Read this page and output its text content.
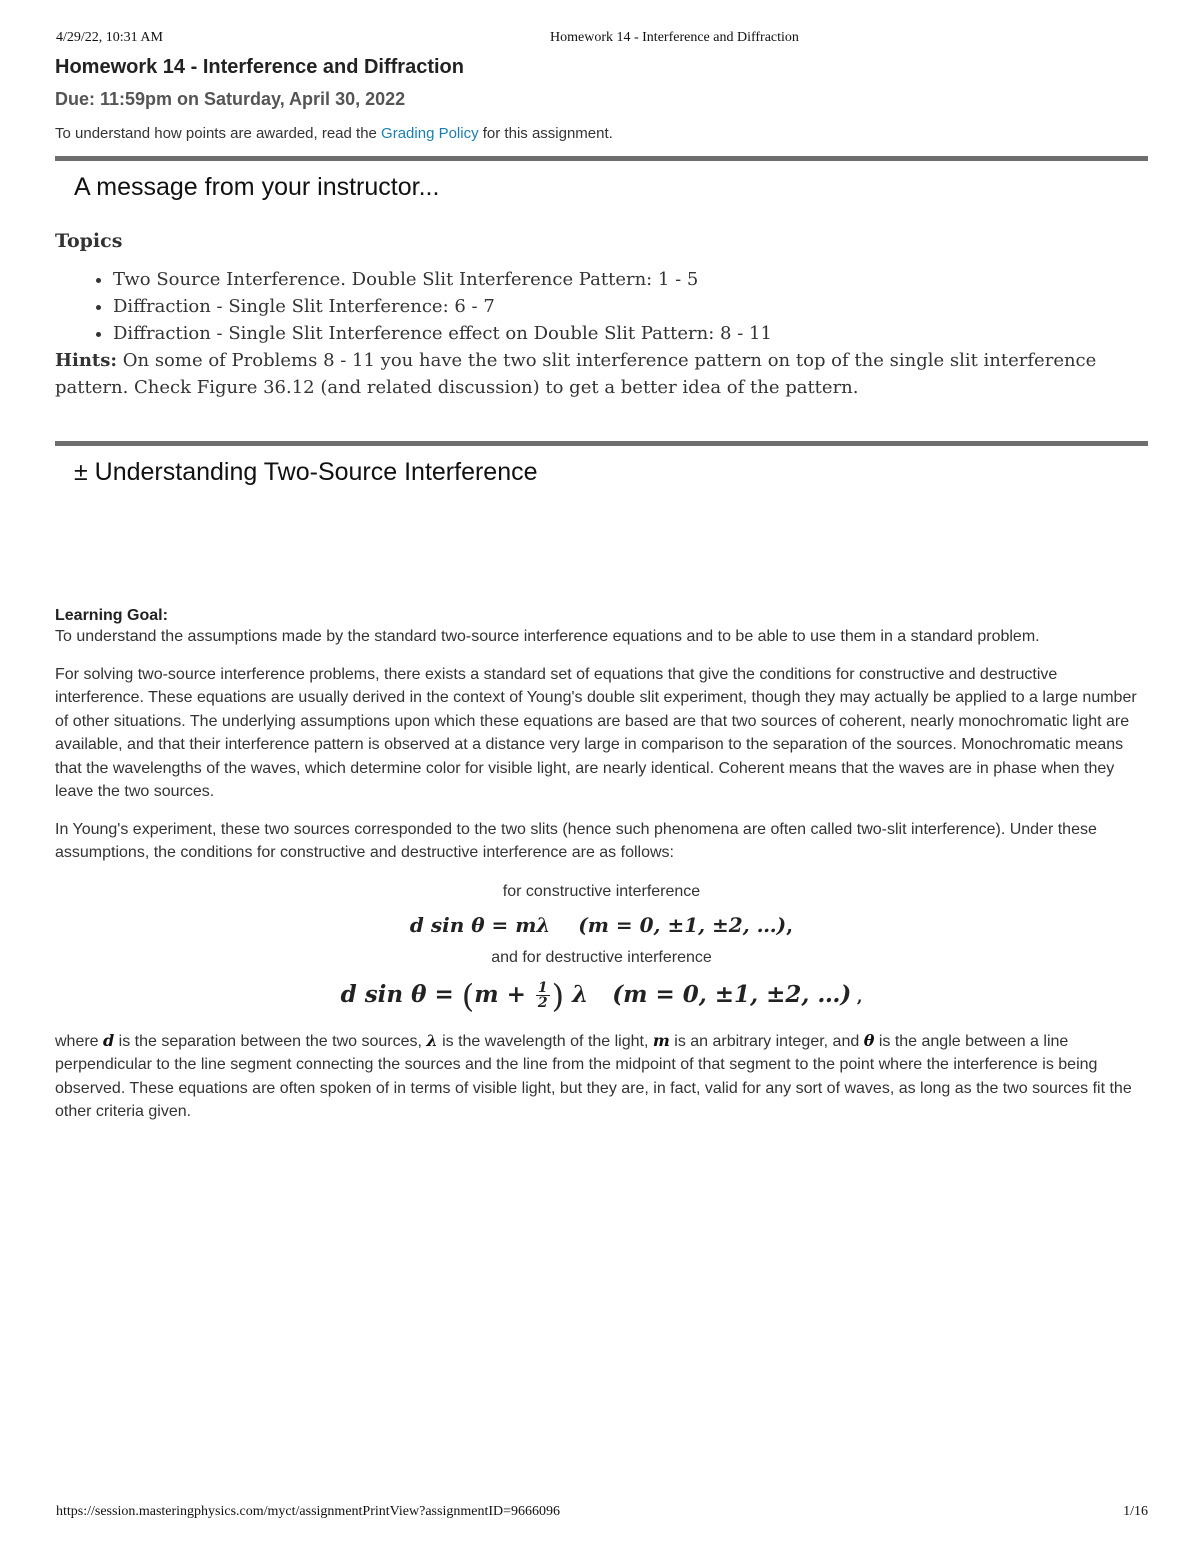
4/29/22, 10:31 AM	Homework 14 - Interference and Diffraction
Homework 14 - Interference and Diffraction
Due: 11:59pm on Saturday, April 30, 2022
To understand how points are awarded, read the Grading Policy for this assignment.
A message from your instructor...
Topics
• Two Source Interference. Double Slit Interference Pattern: 1 - 5
• Diffraction - Single Slit Interference: 6 - 7
• Diffraction - Single Slit Interference effect on Double Slit Pattern: 8 - 11
Hints: On some of Problems 8 - 11 you have the two slit interference pattern on top of the single slit interference pattern. Check Figure 36.12 (and related discussion) to get a better idea of the pattern.
± Understanding Two-Source Interference
Learning Goal:

To understand the assumptions made by the standard two-source interference equations and to be able to use them in a standard problem.

For solving two-source interference problems, there exists a standard set of equations that give the conditions for constructive and destructive interference. These equations are usually derived in the context of Young's double slit experiment, though they may actually be applied to a large number of other situations. The underlying assumptions upon which these equations are based are that two sources of coherent, nearly monochromatic light are available, and that their interference pattern is observed at a distance very large in comparison to the separation of the sources. Monochromatic means that the wavelengths of the waves, which determine color for visible light, are nearly identical. Coherent means that the waves are in phase when they leave the two sources.

In Young's experiment, these two sources corresponded to the two slits (hence such phenomena are often called two-slit interference). Under these assumptions, the conditions for constructive and destructive interference are as follows:

for constructive interference
d sin θ = mλ (m = 0, ±1, ±2, …),
and for destructive interference
d $\sin \theta = (m + \frac{1}{2}$ ) λ (m = 0, ±1, ±2, …) ,

where d is the separation between the two sources, λ is the wavelength of the light, m is an arbitrary integer, and θ is the angle between a line perpendicular to the line segment connecting the sources and the line from the midpoint of that segment to the point where the interference is being observed. These equations are often spoken of in terms of visible light, but they are, in fact, valid for any sort of waves, as long as the two sources fit the other criteria given.

https://session.masteringphysics.com/myct/assignmentPrintView?assignmentID=9666096	1/16
